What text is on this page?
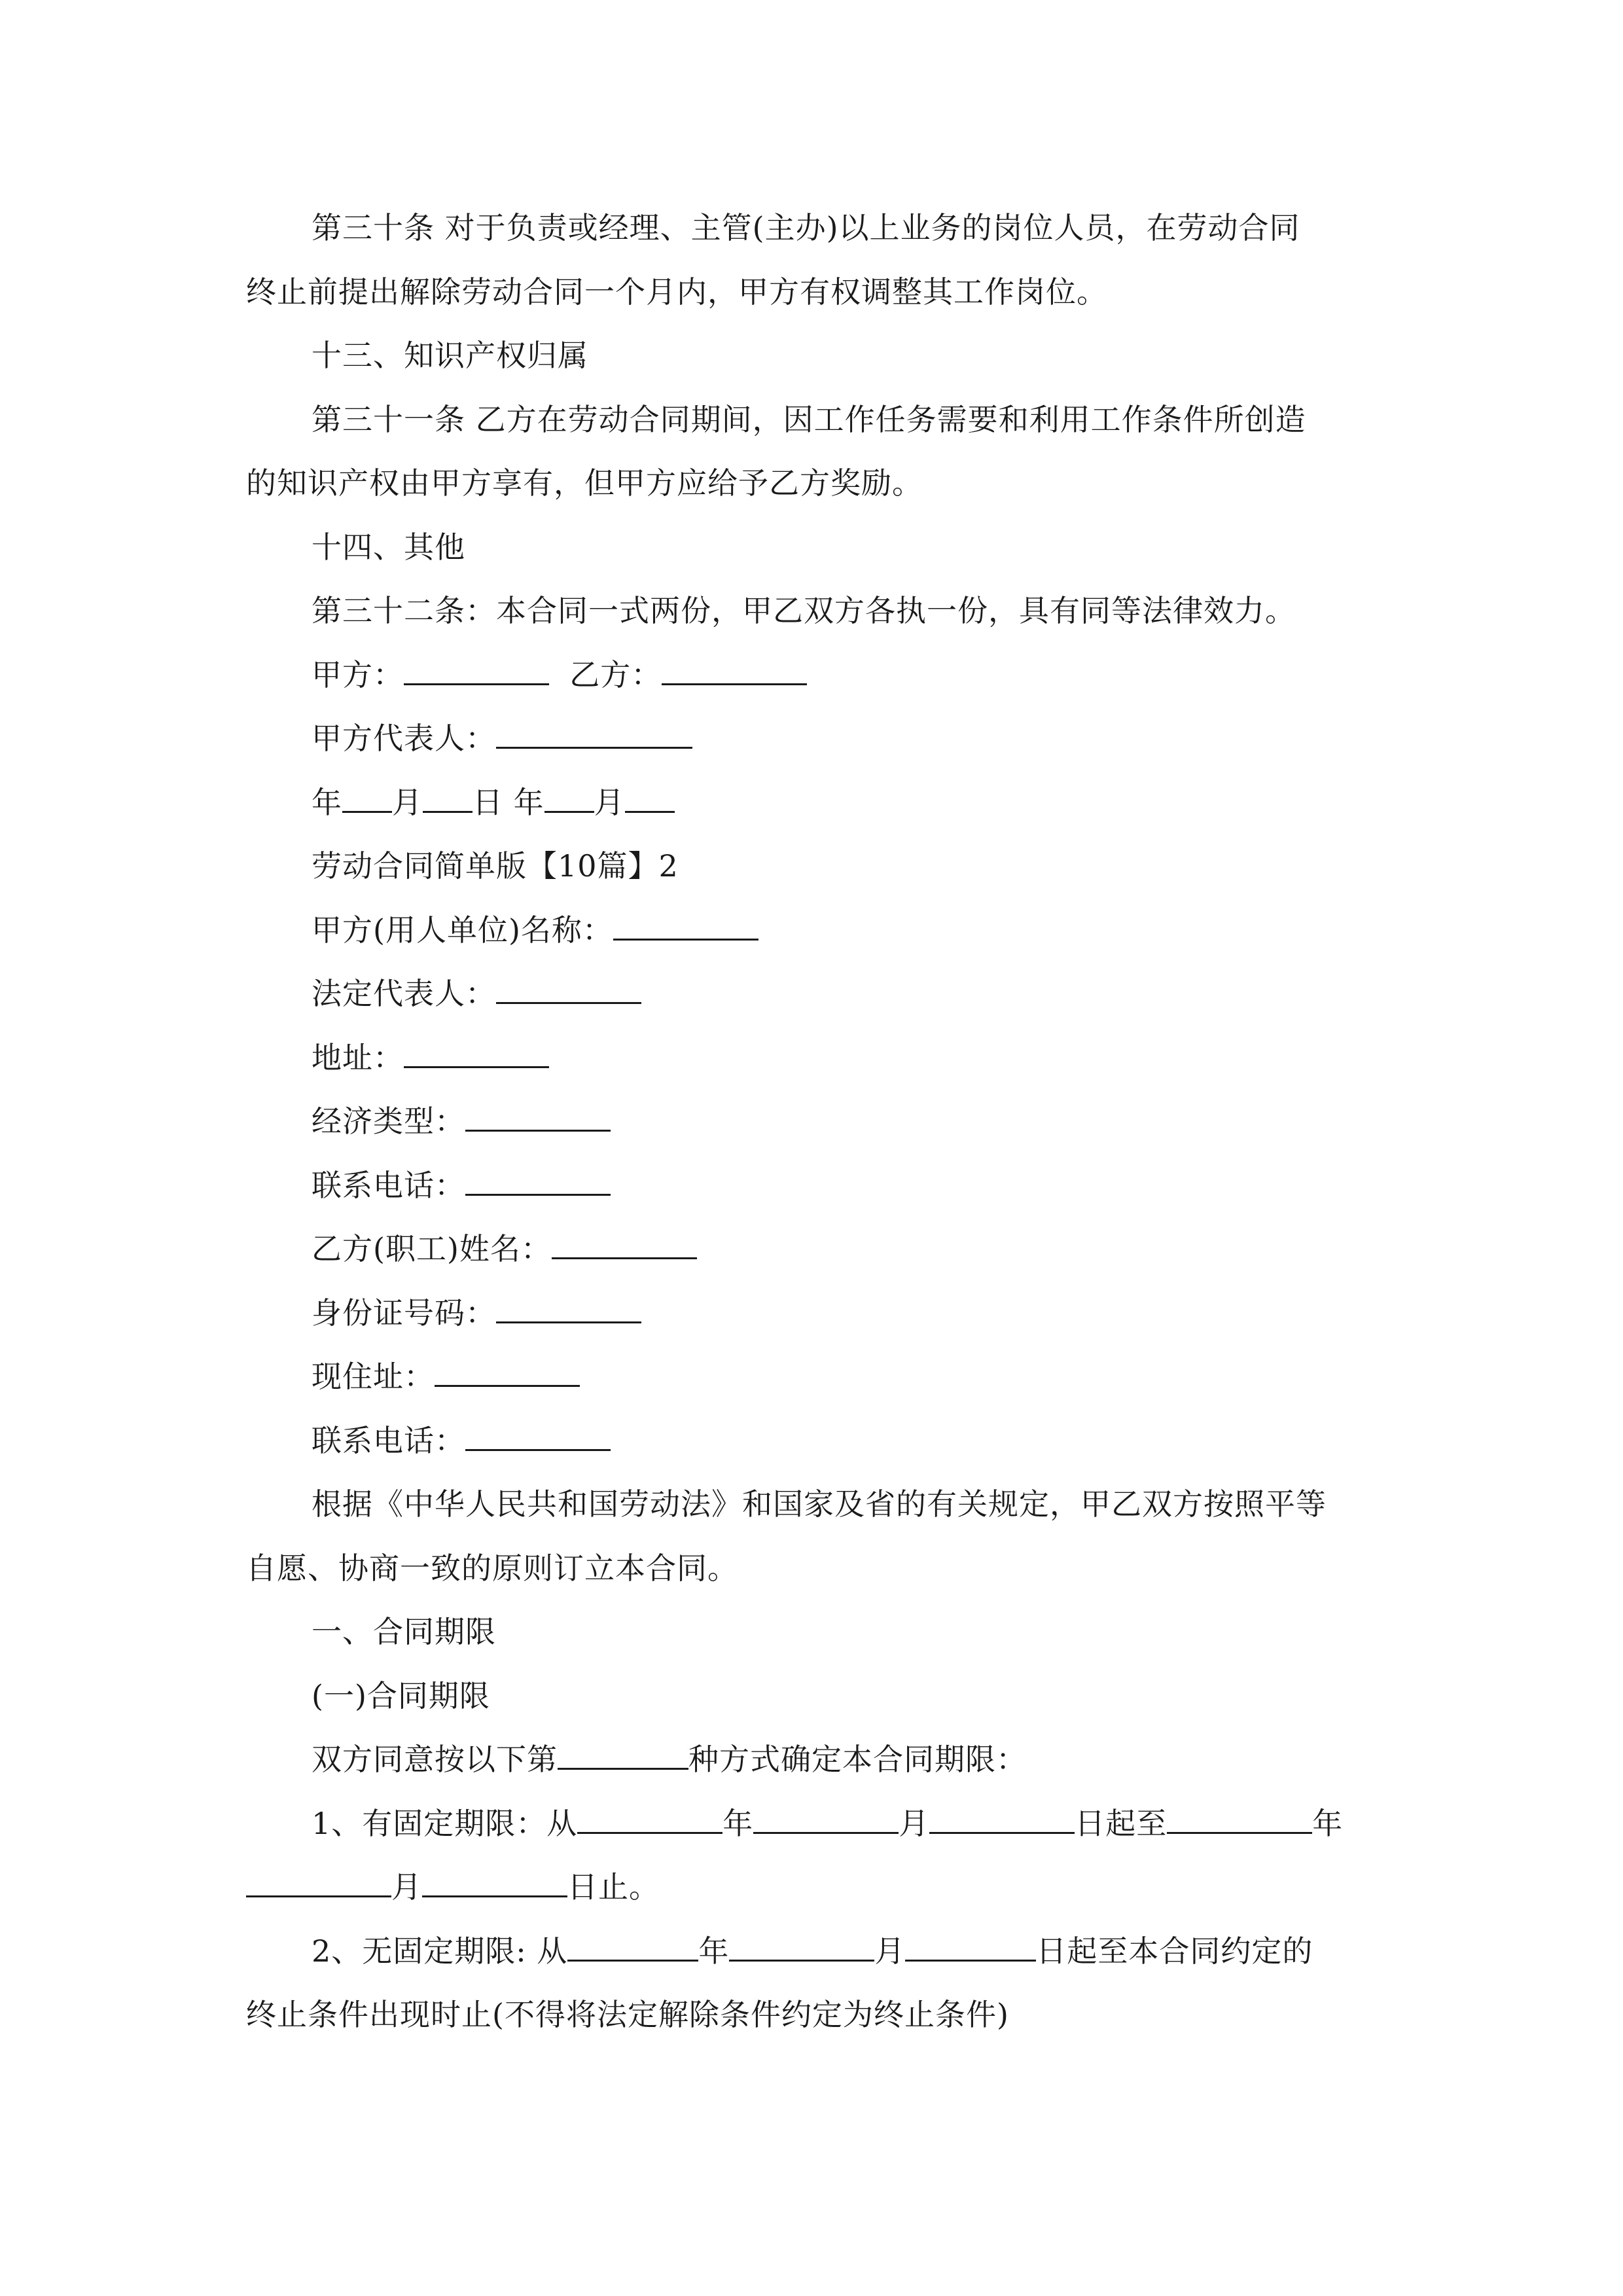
第三十条 对于负责或经理、主管(主办)以上业务的岗位人员，在劳动合同
终止前提出解除劳动合同一个月内，甲方有权调整其工作岗位。
十三、知识产权归属
第三十一条 乙方在劳动合同期间，因工作任务需要和利用工作条件所创造
的知识产权由甲方享有，但甲方应给予乙方奖励。
十四、其他
第三十二条：本合同一式两份，甲乙双方各执一份，具有同等法律效力。
甲方：	乙方：
甲方代表人：
年 月 日 年 月
劳动合同简单版【10篇】2
甲方(用人单位)名称：
法定代表人：
地址：
经济类型：
联系电话：
乙方(职工)姓名：
身份证号码：
现住址：
联系电话：
根据《中华人民共和国劳动法》和国家及省的有关规定，甲乙双方按照平等
自愿、协商一致的原则订立本合同。
一、合同期限
(一)合同期限
双方同意按以下第	种方式确定本合同期限：
1、有固定期限：从	年	月	日起至	年
月	日止。
2、无固定期限: 从	年	月	日起至本合同约定的
终止条件出现时止(不得将法定解除条件约定为终止条件)
